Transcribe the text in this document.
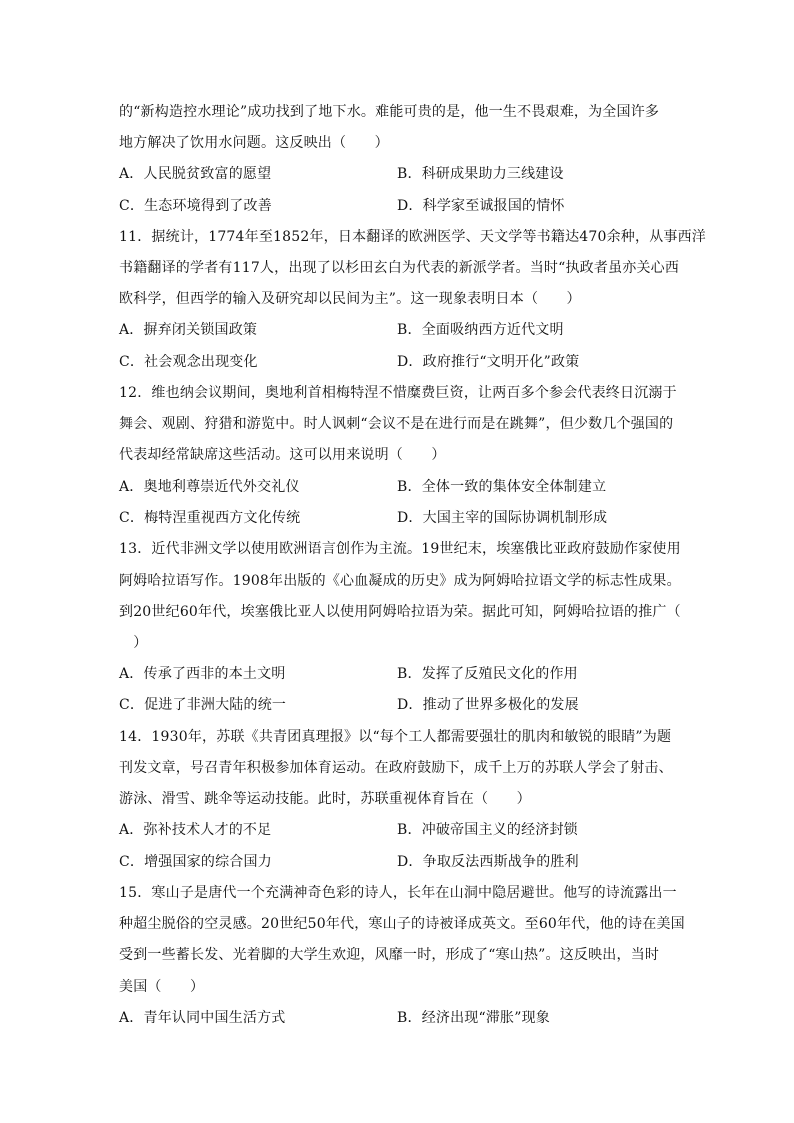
的“新构造控水理论”成功找到了地下水。难能可贵的是，他一生不畏艰难，为全国许多
地方解决了饮用水问题。这反映出（　　）
A．人民脱贫致富的愿望	B．科研成果助力三线建设
C．生态环境得到了改善	D．科学家至诚报国的情怀
11．据统计，1774年至1852年，日本翻译的欧洲医学、天文学等书籍达470余种，从事西洋
书籍翻译的学者有117人，出现了以杉田玄白为代表的新派学者。当时“执政者虽亦关心西
欧科学，但西学的输入及研究却以民间为主”。这一现象表明日本（　　）
A．摒弃闭关锁国政策	B．全面吸纳西方近代文明
C．社会观念出现变化	D．政府推行“文明开化”政策
12．维也纳会议期间，奥地利首相梅特涅不惜糜费巨资，让两百多个参会代表终日沉溺于
舞会、观剧、狩猎和游览中。时人讽刺“会议不是在进行而是在跳舞”，但少数几个强国的
代表却经常缺席这些活动。这可以用来说明（　　）
A．奥地利尊崇近代外交礼仪	B．全体一致的集体安全体制建立
C．梅特涅重视西方文化传统	D．大国主宰的国际协调机制形成
13．近代非洲文学以使用欧洲语言创作为主流。19世纪末，埃塞俄比亚政府鼓励作家使用
阿姆哈拉语写作。1908年出版的《心血凝成的历史》成为阿姆哈拉语文学的标志性成果。
到20世纪60年代，埃塞俄比亚人以使用阿姆哈拉语为荣。据此可知，阿姆哈拉语的推广（
　）
A．传承了西非的本土文明	B．发挥了反殖民文化的作用
C．促进了非洲大陆的统一	D．推动了世界多极化的发展
14．1930年，苏联《共青团真理报》以“每个工人都需要强壮的肌肉和敏锐的眼睛”为题
刊发文章，号召青年积极参加体育运动。在政府鼓励下，成千上万的苏联人学会了射击、
游泳、滑雪、跳伞等运动技能。此时，苏联重视体育旨在（　　）
A．弥补技术人才的不足	B．冲破帝国主义的经济封锁
C．增强国家的综合国力	D．争取反法西斯战争的胜利
15．寒山子是唐代一个充满神奇色彩的诗人，长年在山洞中隐居避世。他写的诗流露出一
种超尘脱俗的空灵感。20世纪50年代，寒山子的诗被译成英文。至60年代，他的诗在美国
受到一些蓄长发、光着脚的大学生欢迎，风靡一时，形成了“寒山热”。这反映出，当时
美国（　　）
A．青年认同中国生活方式	B．经济出现“滞胀”现象
